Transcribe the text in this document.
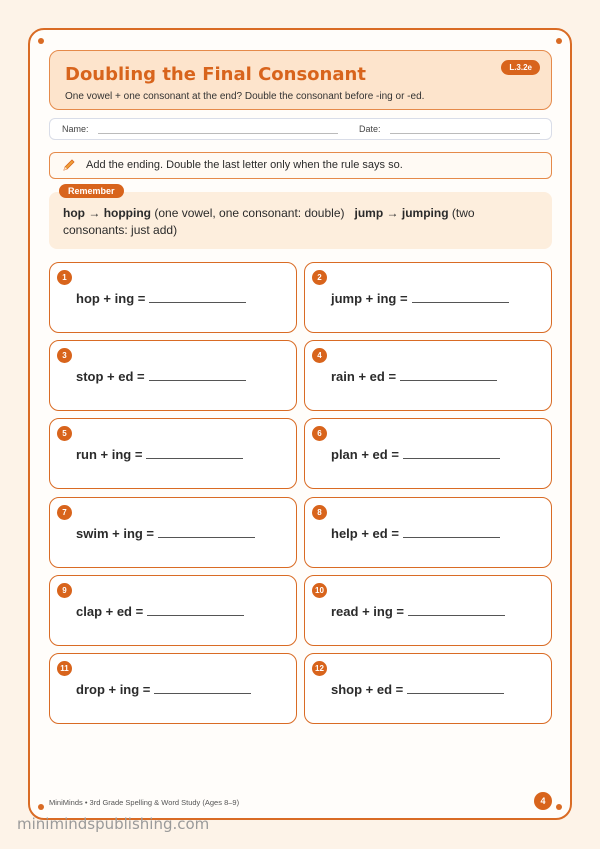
Doubling the Final Consonant
One vowel + one consonant at the end? Double the consonant before -ing or -ed.
L.3.2e
Name:	Date:
Add the ending. Double the last letter only when the rule says so.
Remember
hop → hopping (one vowel, one consonant: double) jump → jumping (two consonants: just add)
1
hop + ing =
2
jump + ing =
3
stop + ed =
4
rain + ed =
5
run + ing =
6
plan + ed =
7
swim + ing =
8
help + ed =
9
clap + ed =
10
read + ing =
11
drop + ing =
12
shop + ed =
MiniMinds • 3rd Grade Spelling & Word Study (Ages 8–9)	4
minimindspublishing.com
